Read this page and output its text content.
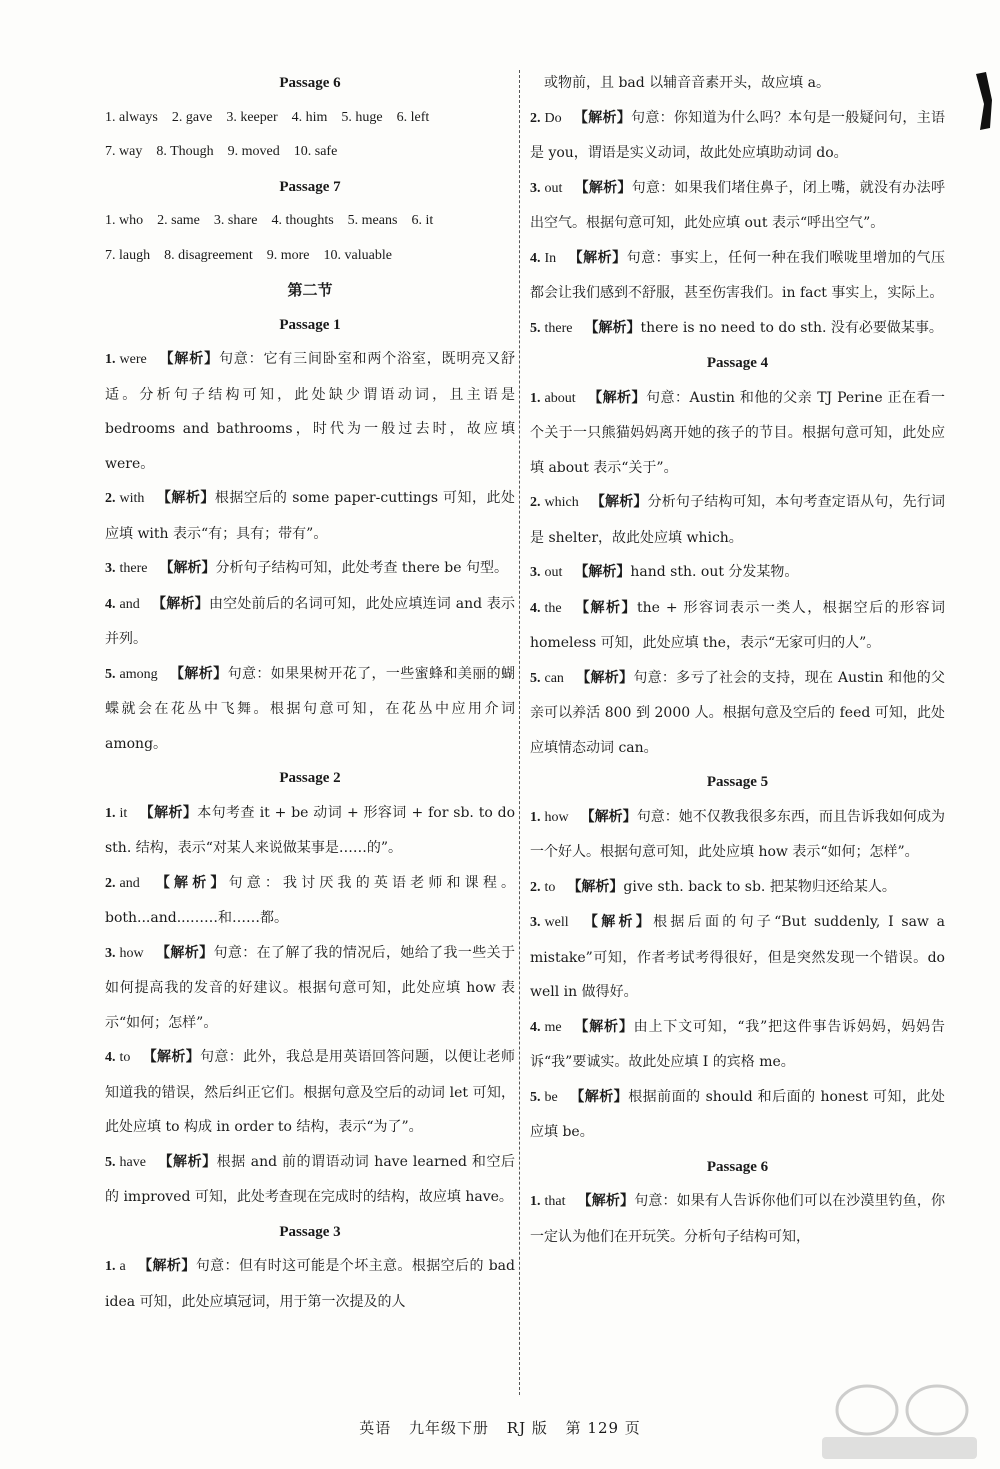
Passage 6
1. always 2. gave 3. keeper 4. him 5. huge 6. left
7. way 8. Though 9. moved 10. safe
Passage 7
1. who 2. same 3. share 4. thoughts 5. means 6. it
7. laugh 8. disagreement 9. more 10. valuable
第二节
Passage 1

1. were 【解析】句意：它有三间卧室和两个浴室，既明亮又舒适。分析句子结构可知，此处缺少谓语动词，且主语是 bedrooms and bathrooms，时代为一般过去时，故应填 were。

2. with 【解析】根据空后的 some paper-cuttings 可知，此处应填 with 表示“有；具有；带有”。

3. there 【解析】分析句子结构可知，此处考查 there be 句型。

4. and 【解析】由空处前后的名词可知，此处应填连词 and 表示并列。

5. among 【解析】句意：如果果树开花了，一些蜜蜂和美丽的蝴蝶就会在花丛中飞舞。根据句意可知，在花丛中应用介词 among。

Passage 2

1. it 【解析】本句考查 it + be 动词 + 形容词 + for sb. to do sth. 结构，表示“对某人来说做某事是……的”。

2. and 【解析】句意：我讨厌我的英语老师和课程。both...and...……和……都。

3. how 【解析】句意：在了解了我的情况后，她给了我一些关于如何提高我的发音的好建议。根据句意可知，此处应填 how 表示“如何；怎样”。

4. to 【解析】句意：此外，我总是用英语回答问题，以便让老师知道我的错误，然后纠正它们。根据句意及空后的动词 let 可知，此处应填 to 构成 in order to 结构，表示“为了”。

5. have 【解析】根据 and 前的谓语动词 have learned 和空后的 improved 可知，此处考查现在完成时的结构，故应填 have。

Passage 3

1. a 【解析】句意：但有时这可能是个坏主意。根据空后的 bad idea 可知，此处应填冠词，用于第一次提及的人

或物前，且 bad 以辅音音素开头，故应填 a。

2. Do 【解析】句意：你知道为什么吗？本句是一般疑问句，主语是 you，谓语是实义动词，故此处应填助动词 do。

3. out 【解析】句意：如果我们堵住鼻子，闭上嘴，就没有办法呼出空气。根据句意可知，此处应填 out 表示“呼出空气”。

4. In 【解析】句意：事实上，任何一种在我们喉咙里增加的气压都会让我们感到不舒服，甚至伤害我们。in fact 事实上，实际上。

5. there 【解析】there is no need to do sth. 没有必要做某事。

Passage 4

1. about 【解析】句意：Austin 和他的父亲 TJ Perine 正在看一个关于一只熊猫妈妈离开她的孩子的节目。根据句意可知，此处应填 about 表示“关于”。

2. which 【解析】分析句子结构可知，本句考查定语从句，先行词是 shelter，故此处应填 which。

3. out 【解析】hand sth. out 分发某物。

4. the 【解析】the + 形容词表示一类人，根据空后的形容词 homeless 可知，此处应填 the，表示“无家可归的人”。

5. can 【解析】句意：多亏了社会的支持，现在 Austin 和他的父亲可以养活 800 到 2000 人。根据句意及空后的 feed 可知，此处应填情态动词 can。

Passage 5

1. how 【解析】句意：她不仅教我很多东西，而且告诉我如何成为一个好人。根据句意可知，此处应填 how 表示“如何；怎样”。

2. to 【解析】give sth. back to sb. 把某物归还给某人。

3. well 【解析】根据后面的句子“But suddenly, I saw a mistake”可知，作者考试考得很好，但是突然发现一个错误。do well in 做得好。

4. me 【解析】由上下文可知，“我”把这件事告诉妈妈，妈妈告诉“我”要诚实。故此处应填 I 的宾格 me。

5. be 【解析】根据前面的 should 和后面的 honest 可知，此处应填 be。

Passage 6

1. that 【解析】句意：如果有人告诉你他们可以在沙漠里钓鱼，你一定认为他们在开玩笑。分析句子结构可知，

英语 九年级下册 RJ 版 第 129 页
